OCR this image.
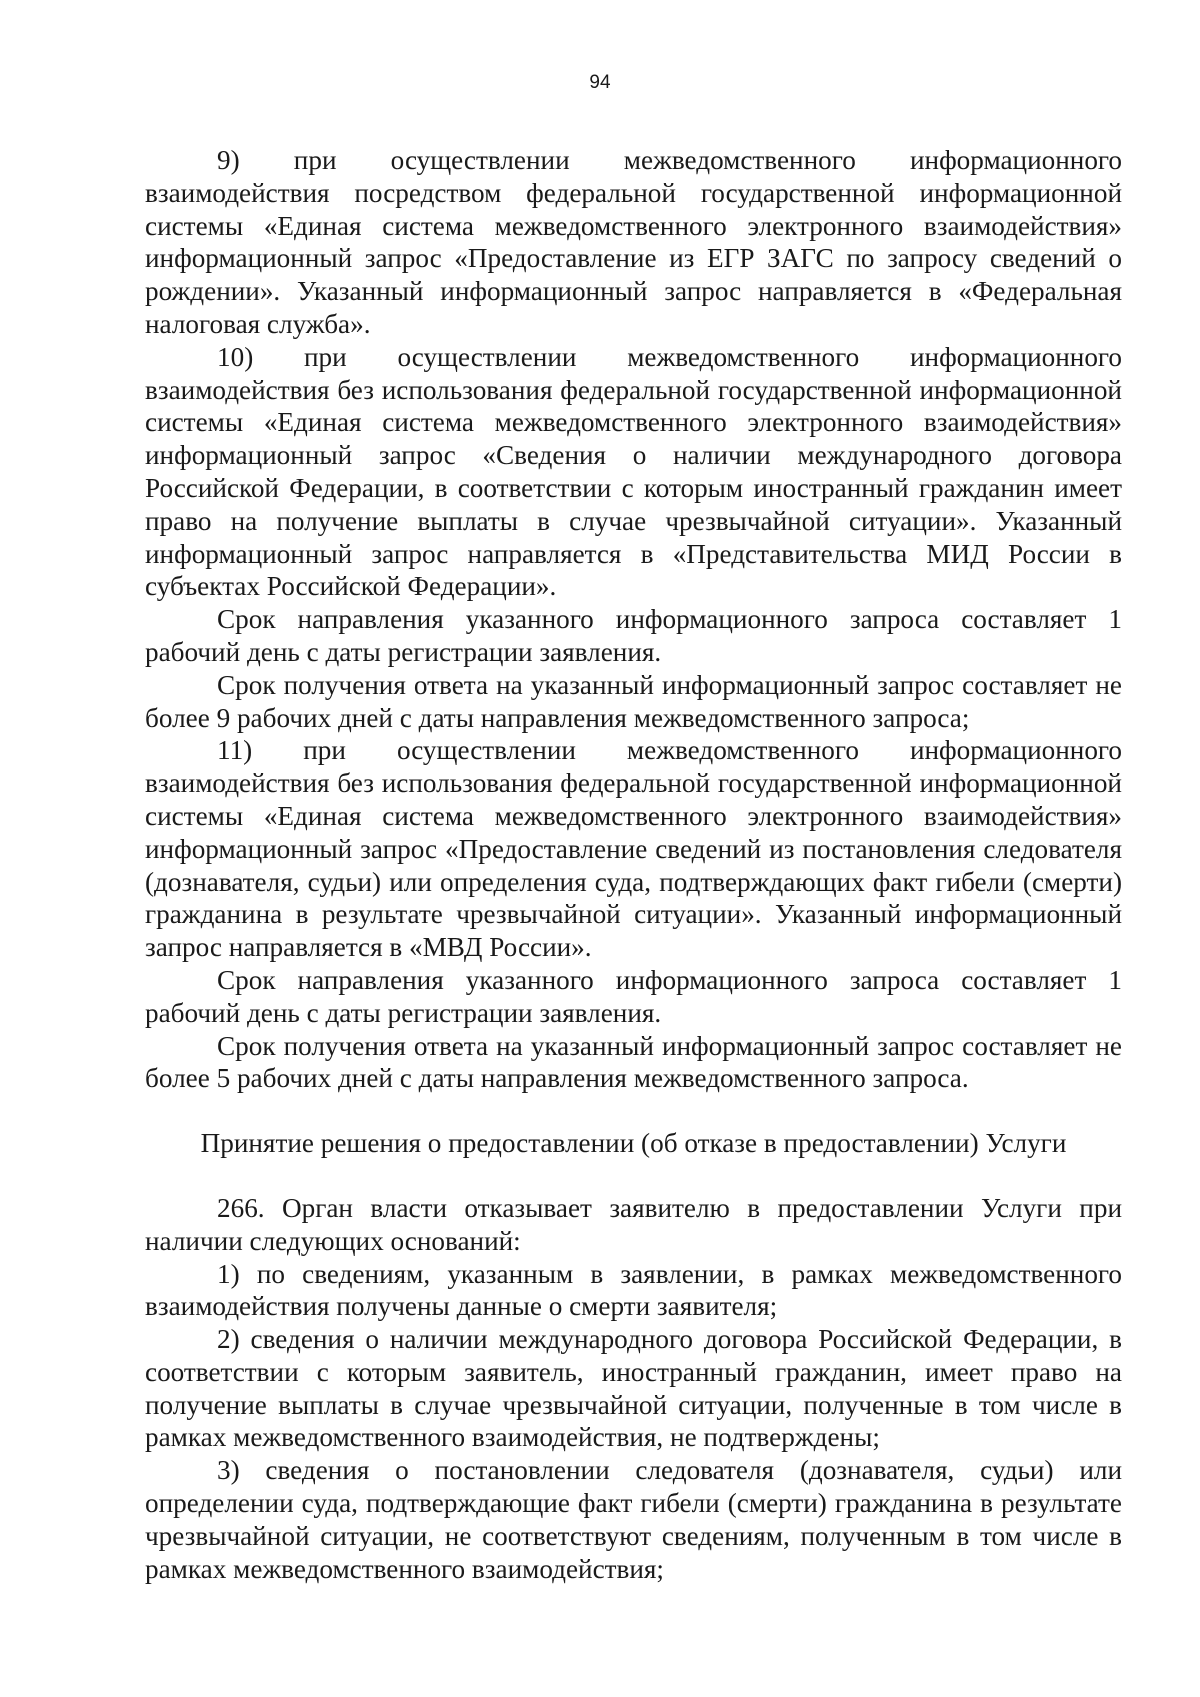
94

9) при осуществлении межведомственного информационного взаимодействия посредством федеральной государственной информационной системы «Единая система межведомственного электронного взаимодействия» информационный запрос «Предоставление из ЕГР ЗАГС по запросу сведений о рождении». Указанный информационный запрос направляется в «Федеральная налоговая служба».

10) при осуществлении межведомственного информационного взаимодействия без использования федеральной государственной информационной системы «Единая система межведомственного электронного взаимодействия» информационный запрос «Сведения о наличии международного договора Российской Федерации, в соответствии с которым иностранный гражданин имеет право на получение выплаты в случае чрезвычайной ситуации». Указанный информационный запрос направляется в «Представительства МИД России в субъектах Российской Федерации».

Срок направления указанного информационного запроса составляет 1 рабочий день с даты регистрации заявления.

Срок получения ответа на указанный информационный запрос составляет не более 9 рабочих дней с даты направления межведомственного запроса;

11) при осуществлении межведомственного информационного взаимодействия без использования федеральной государственной информационной системы «Единая система межведомственного электронного взаимодействия» информационный запрос «Предоставление сведений из постановления следователя (дознавателя, судьи) или определения суда, подтверждающих факт гибели (смерти) гражданина в результате чрезвычайной ситуации». Указанный информационный запрос направляется в «МВД России».

Срок направления указанного информационного запроса составляет 1 рабочий день с даты регистрации заявления.

Срок получения ответа на указанный информационный запрос составляет не более 5 рабочих дней с даты направления межведомственного запроса.

Принятие решения о предоставлении (об отказе в предоставлении) Услуги

266. Орган власти отказывает заявителю в предоставлении Услуги при наличии следующих оснований:

1) по сведениям, указанным в заявлении, в рамках межведомственного взаимодействия получены данные о смерти заявителя;

2) сведения о наличии международного договора Российской Федерации, в соответствии с которым заявитель, иностранный гражданин, имеет право на получение выплаты в случае чрезвычайной ситуации, полученные в том числе в рамках межведомственного взаимодействия, не подтверждены;

3) сведения о постановлении следователя (дознавателя, судьи) или определении суда, подтверждающие факт гибели (смерти) гражданина в результате чрезвычайной ситуации, не соответствуют сведениям, полученным в том числе в рамках межведомственного взаимодействия;
